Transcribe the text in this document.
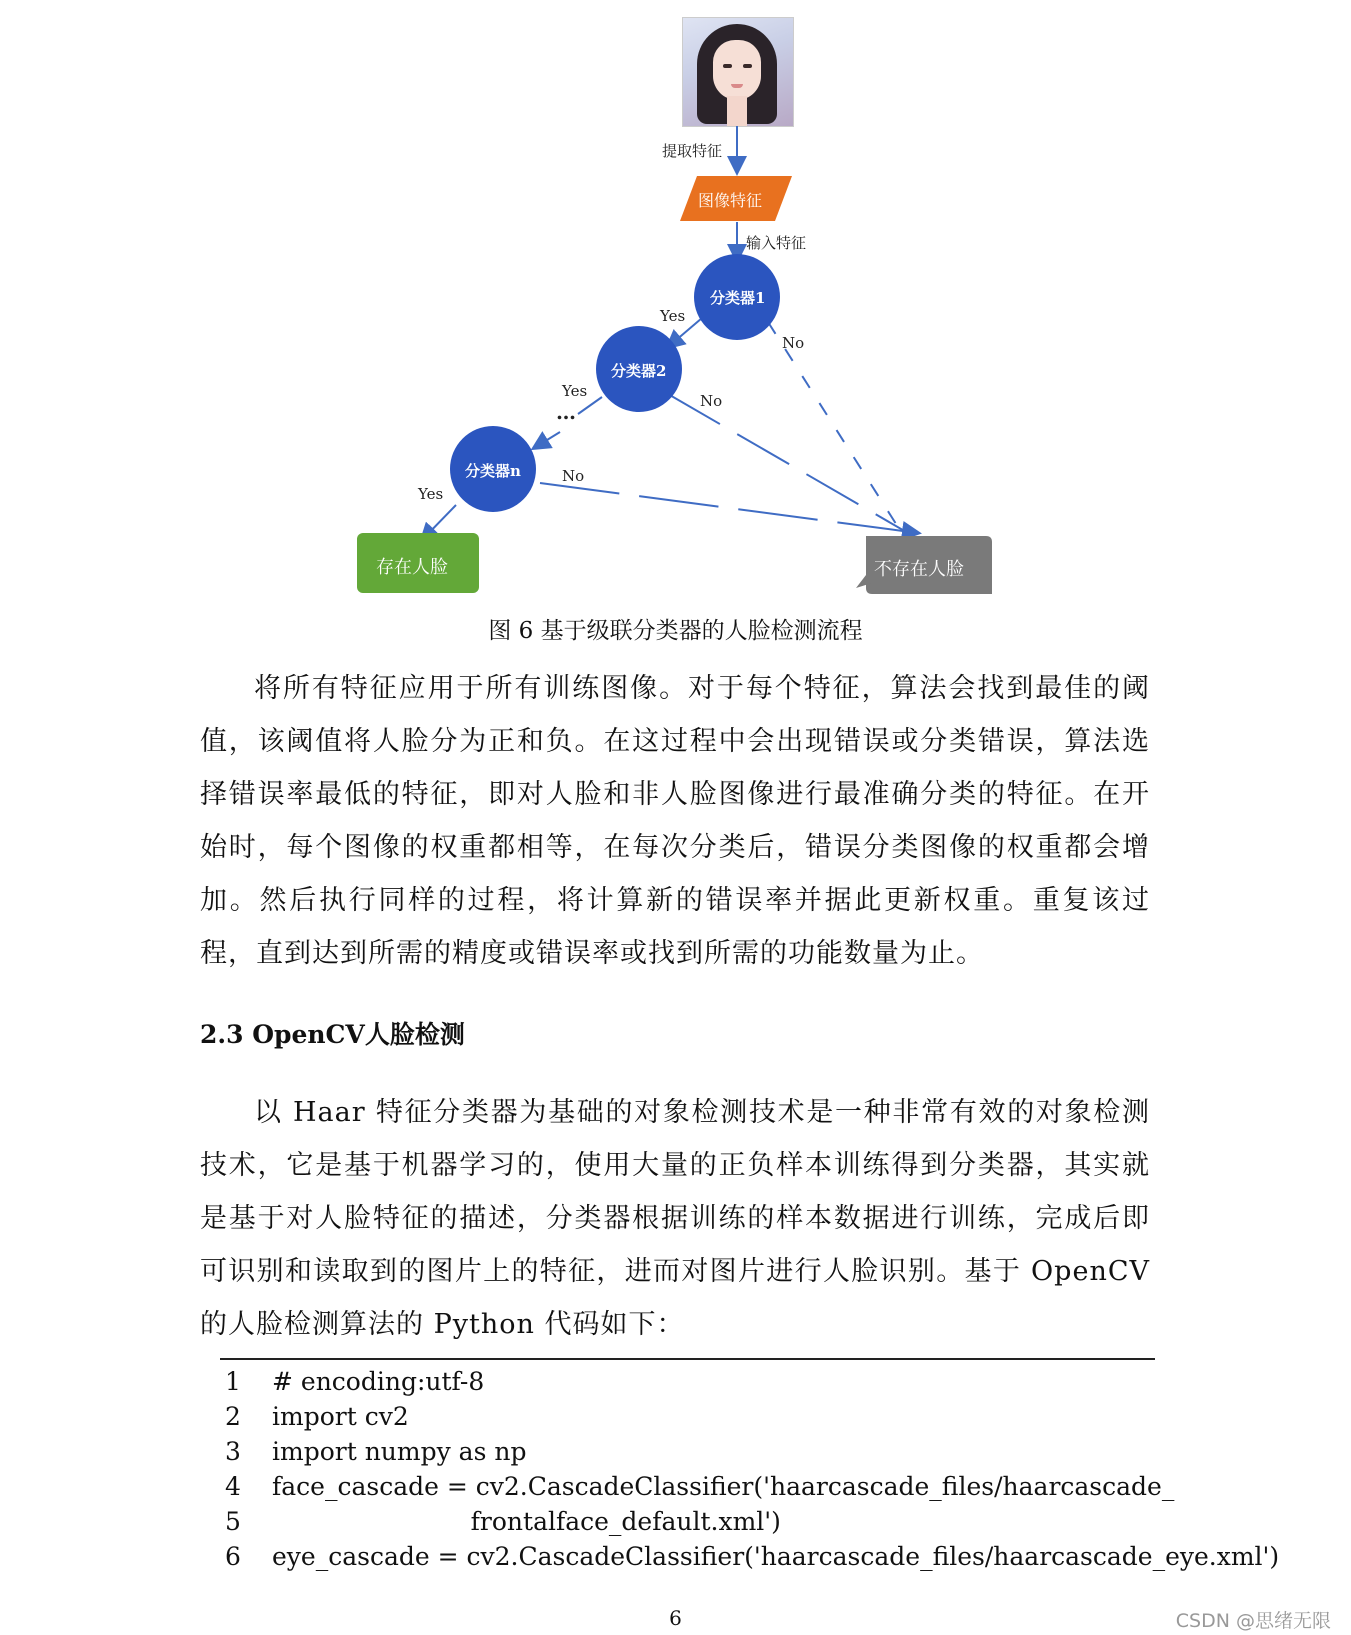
提取特征
图像特征
输入特征
分类器1
分类器2
分类器n
…
Yes
Yes
Yes
No
No
No
存在人脸	不存在人脸
图 6 基于级联分类器的人脸检测流程
将所有特征应用于所有训练图像。对于每个特征，算法会找到最佳的阈值，该阈值将人脸分为正和负。在这过程中会出现错误或分类错误，算法选择错误率最低的特征，即对人脸和非人脸图像进行最准确分类的特征。在开始时，每个图像的权重都相等，在每次分类后，错误分类图像的权重都会增加。然后执行同样的过程，将计算新的错误率并据此更新权重。重复该过程，直到达到所需的精度或错误率或找到所需的功能数量为止。
2.3 OpenCV人脸检测
以 Haar 特征分类器为基础的对象检测技术是一种非常有效的对象检测技术，它是基于机器学习的，使用大量的正负样本训练得到分类器，其实就是基于对人脸特征的描述，分类器根据训练的样本数据进行训练，完成后即可识别和读取到的图片上的特征，进而对图片进行人脸识别。基于 OpenCV 的人脸检测算法的 Python 代码如下：
1 # encoding:utf-8
2 import cv2
3 import numpy as np
4 face_cascade = cv2.CascadeClassifier('haarcascade_files/haarcascade_
5                         frontalface_default.xml')
6 eye_cascade = cv2.CascadeClassifier('haarcascade_files/haarcascade_eye.xml')
6	CSDN @思绪无限
